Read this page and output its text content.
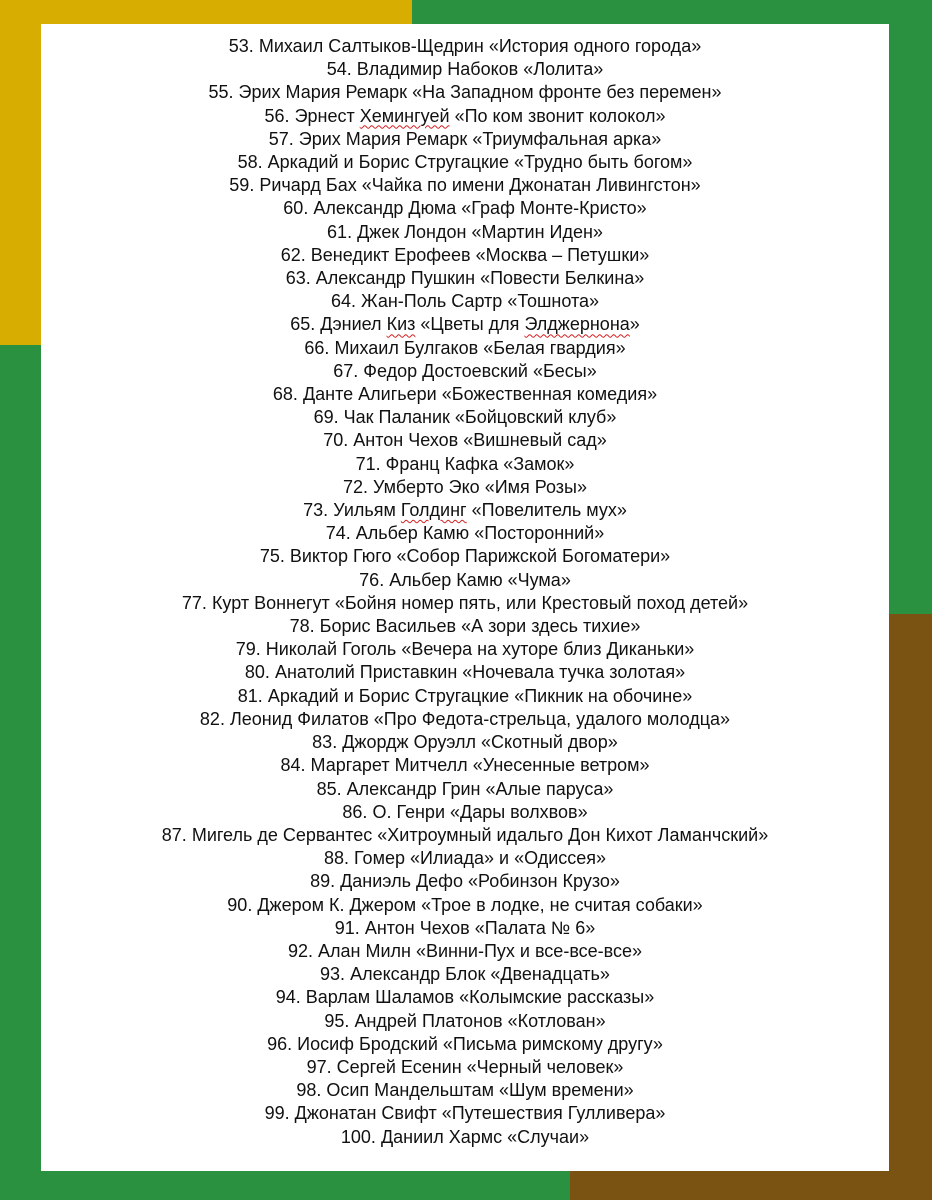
53. Михаил Салтыков-Щедрин «История одного города»
54. Владимир Набоков «Лолита»
55. Эрих Мария Ремарк «На Западном фронте без перемен»
56. Эрнест Хемингуей «По ком звонит колокол»
57. Эрих Мария Ремарк «Триумфальная арка»
58. Аркадий и Борис Стругацкие «Трудно быть богом»
59. Ричард Бах «Чайка по имени Джонатан Ливингстон»
60. Александр Дюма «Граф Монте-Кристо»
61. Джек Лондон «Мартин Иден»
62. Венедикт Ерофеев «Москва – Петушки»
63. Александр Пушкин «Повести Белкина»
64. Жан-Поль Сартр «Тошнота»
65. Дэниел Киз «Цветы для Элджернона»
66. Михаил Булгаков «Белая гвардия»
67. Федор Достоевский «Бесы»
68. Данте Алигьери «Божественная комедия»
69. Чак Паланик «Бойцовский клуб»
70. Антон Чехов «Вишневый сад»
71. Франц Кафка «Замок»
72. Умберто Эко «Имя Розы»
73. Уильям Голдинг «Повелитель мух»
74. Альбер Камю «Посторонний»
75. Виктор Гюго «Собор Парижской Богоматери»
76. Альбер Камю «Чума»
77. Курт Воннегут «Бойня номер пять, или Крестовый поход детей»
78. Борис Васильев «А зори здесь тихие»
79. Николай Гоголь «Вечера на хуторе близ Диканьки»
80. Анатолий Приставкин «Ночевала тучка золотая»
81. Аркадий и Борис Стругацкие «Пикник на обочине»
82. Леонид Филатов «Про Федота-стрельца, удалого молодца»
83. Джордж Оруэлл «Скотный двор»
84. Маргарет Митчелл «Унесенные ветром»
85. Александр Грин «Алые паруса»
86. О. Генри «Дары волхвов»
87. Мигель де Сервантес «Хитроумный идальго Дон Кихот Ламанчский»
88. Гомер «Илиада» и «Одиссея»
89. Даниэль Дефо «Робинзон Крузо»
90. Джером К. Джером «Трое в лодке, не считая собаки»
91. Антон Чехов «Палата № 6»
92. Алан Милн «Винни-Пух и все-все-все»
93. Александр Блок «Двенадцать»
94. Варлам Шаламов «Колымские рассказы»
95. Андрей Платонов «Котлован»
96. Иосиф Бродский «Письма римскому другу»
97. Сергей Есенин «Черный человек»
98. Осип Мандельштам «Шум времени»
99. Джонатан Свифт «Путешествия Гулливера»
100. Даниил Хармс «Случаи»
